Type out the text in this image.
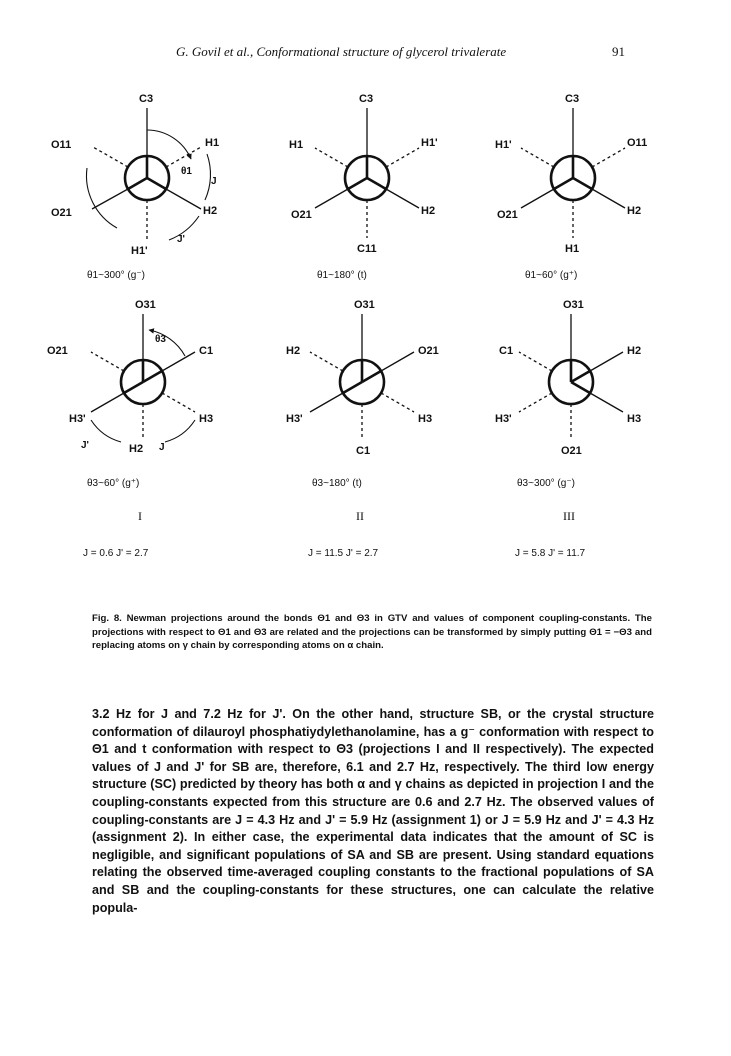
G. Govil et al., Conformational structure of glycerol trivalerate	91
C3
H1
O21
O11
H2
H1'
θ1
J
J'
θ1~300° (g⁻)
C3
H1'
O21
H1
H2
C11
θ1~180° (t)
C3
O11
O21
H1'
H2
H1
θ1~60° (g⁺)
O31
C1
H3'
O21
H3
H2
θ3
J'	J
θ3~60° (g⁺)
I
J = 0.6 J' = 2.7
O31
O21
H3'
H2
H3
C1
θ3~180° (t)
II
J = 11.5 J' = 2.7
O31
H2
H3
C1
H3'
O21
θ3~300° (g⁻)
III
J = 5.8 J' = 11.7

Fig. 8. Newman projections around the bonds Θ1 and Θ3 in GTV and values of component coupling-constants. The projections with respect to Θ1 and Θ3 are related and the projections can be transformed by simply putting Θ1 = −Θ3 and replacing atoms on γ chain by corresponding atoms on α chain.

3.2 Hz for J and 7.2 Hz for J'. On the other hand, structure SB, or the crystal structure conformation of dilauroyl phosphatiydylethanolamine, has a g⁻ conformation with respect to Θ1 and t conformation with respect to Θ3 (projections I and II respectively). The expected values of J and J' for SB are, therefore, 6.1 and 2.7 Hz, respectively. The third low energy structure (SC) predicted by theory has both α and γ chains as depicted in projection I and the coupling-constants expected from this structure are 0.6 and 2.7 Hz. The observed values of coupling-constants are J = 4.3 Hz and J' = 5.9 Hz (assignment 1) or J = 5.9 Hz and J' = 4.3 Hz (assignment 2). In either case, the experimental data indicates that the amount of SC is negligible, and significant populations of SA and SB are present. Using standard equations relating the observed time-averaged coupling constants to the fractional populations of SA and SB and the coupling-constants for these structures, one can calculate the relative popula-
